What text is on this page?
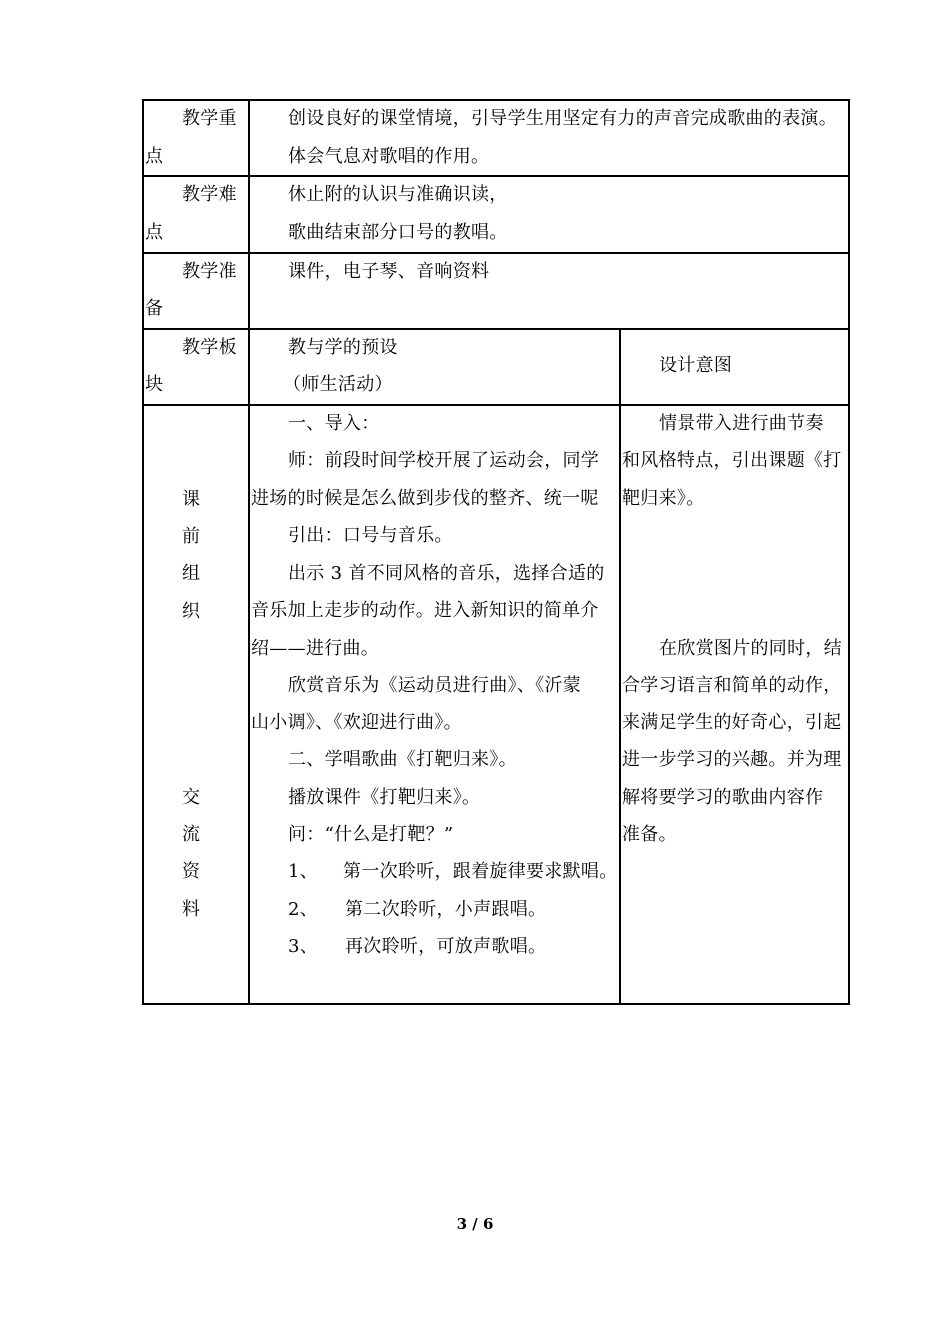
教学重
点
创设良好的课堂情境，引导学生用坚定有力的声音完成歌曲的表演。
体会气息对歌唱的作用。
教学难
点
休止附的认识与准确识读，
歌曲结束部分口号的教唱。
教学准
备
课件，电子琴、音响资料
教学板
块
教与学的预设
（师生活动）
设计意图
课
前
组
织
交
流
资
料
一、导入：
师：前段时间学校开展了运动会，同学
进场的时候是怎么做到步伐的整齐、统一呢
引出：口号与音乐。
出示 3 首不同风格的音乐，选择合适的
音乐加上走步的动作。进入新知识的简单介
绍——进行曲。
欣赏音乐为《运动员进行曲》、《沂蒙
山小调》、《欢迎进行曲》。
二、学唱歌曲《打靶归来》。
播放课件《打靶归来》。
问：“什么是打靶？”
1、 第一次聆听，跟着旋律要求默唱。
2、 第二次聆听，小声跟唱。
3、 再次聆听，可放声歌唱。
情景带入进行曲节奏
和风格特点，引出课题《打
靶归来》。
在欣赏图片的同时，结
合学习语言和简单的动作，
来满足学生的好奇心，引起
进一步学习的兴趣。并为理
解将要学习的歌曲内容作
准备。
3 / 6
